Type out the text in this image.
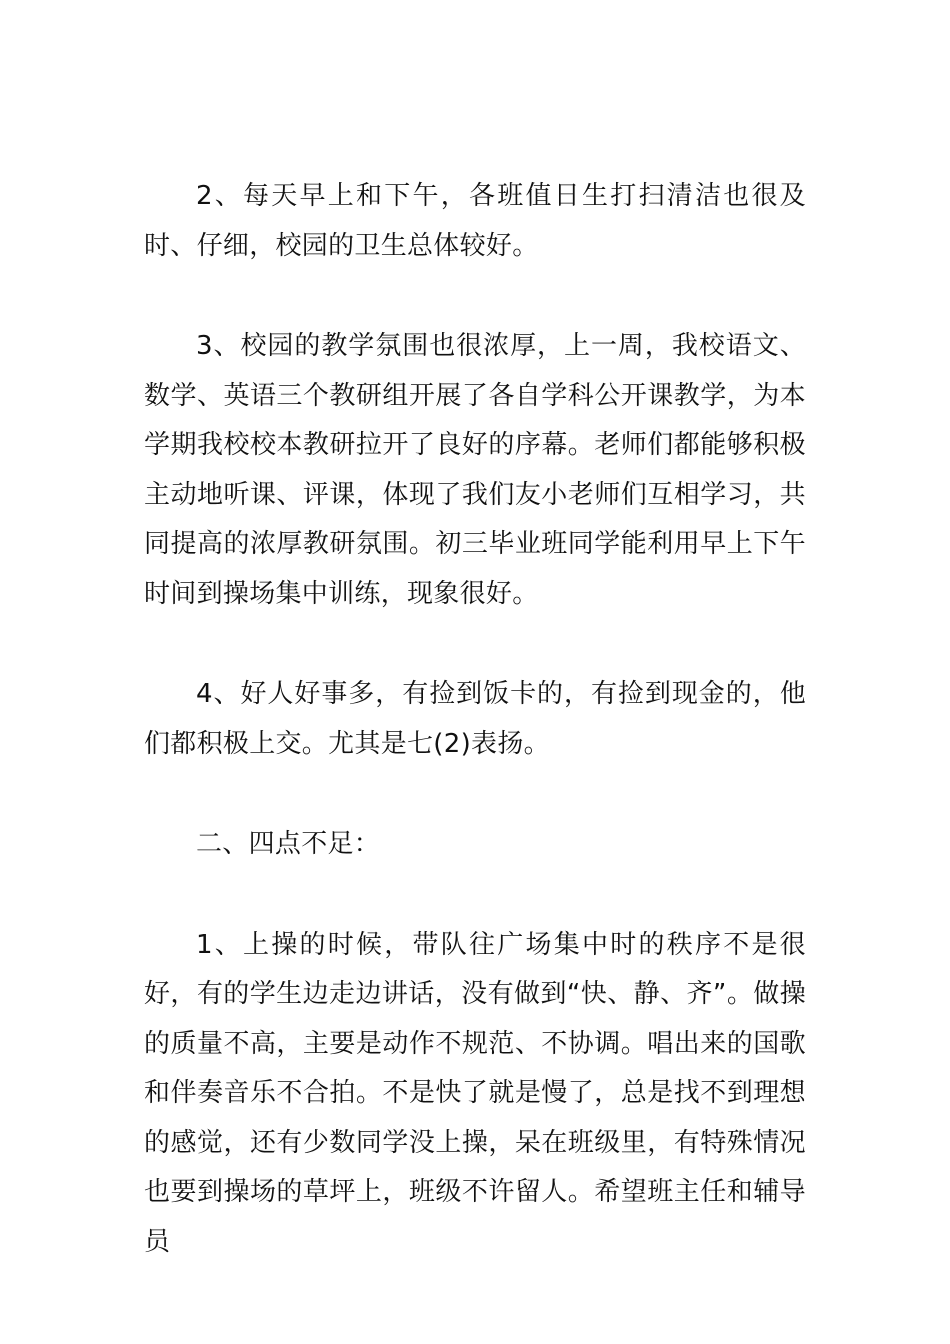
2、每天早上和下午，各班值日生打扫清洁也很及时、仔细，校园的卫生总体较好。

3、校园的教学氛围也很浓厚，上一周，我校语文、数学、英语三个教研组开展了各自学科公开课教学，为本学期我校校本教研拉开了良好的序幕。老师们都能够积极主动地听课、评课，体现了我们友小老师们互相学习，共同提高的浓厚教研氛围。初三毕业班同学能利用早上下午时间到操场集中训练，现象很好。

4、好人好事多，有捡到饭卡的，有捡到现金的，他们都积极上交。尤其是七(2)表扬。

二、四点不足：

1、上操的时候，带队往广场集中时的秩序不是很好，有的学生边走边讲话，没有做到“快、静、齐”。做操的质量不高，主要是动作不规范、不协调。唱出来的国歌和伴奏音乐不合拍。不是快了就是慢了，总是找不到理想的感觉，还有少数同学没上操，呆在班级里，有特殊情况也要到操场的草坪上，班级不许留人。希望班主任和辅导员
